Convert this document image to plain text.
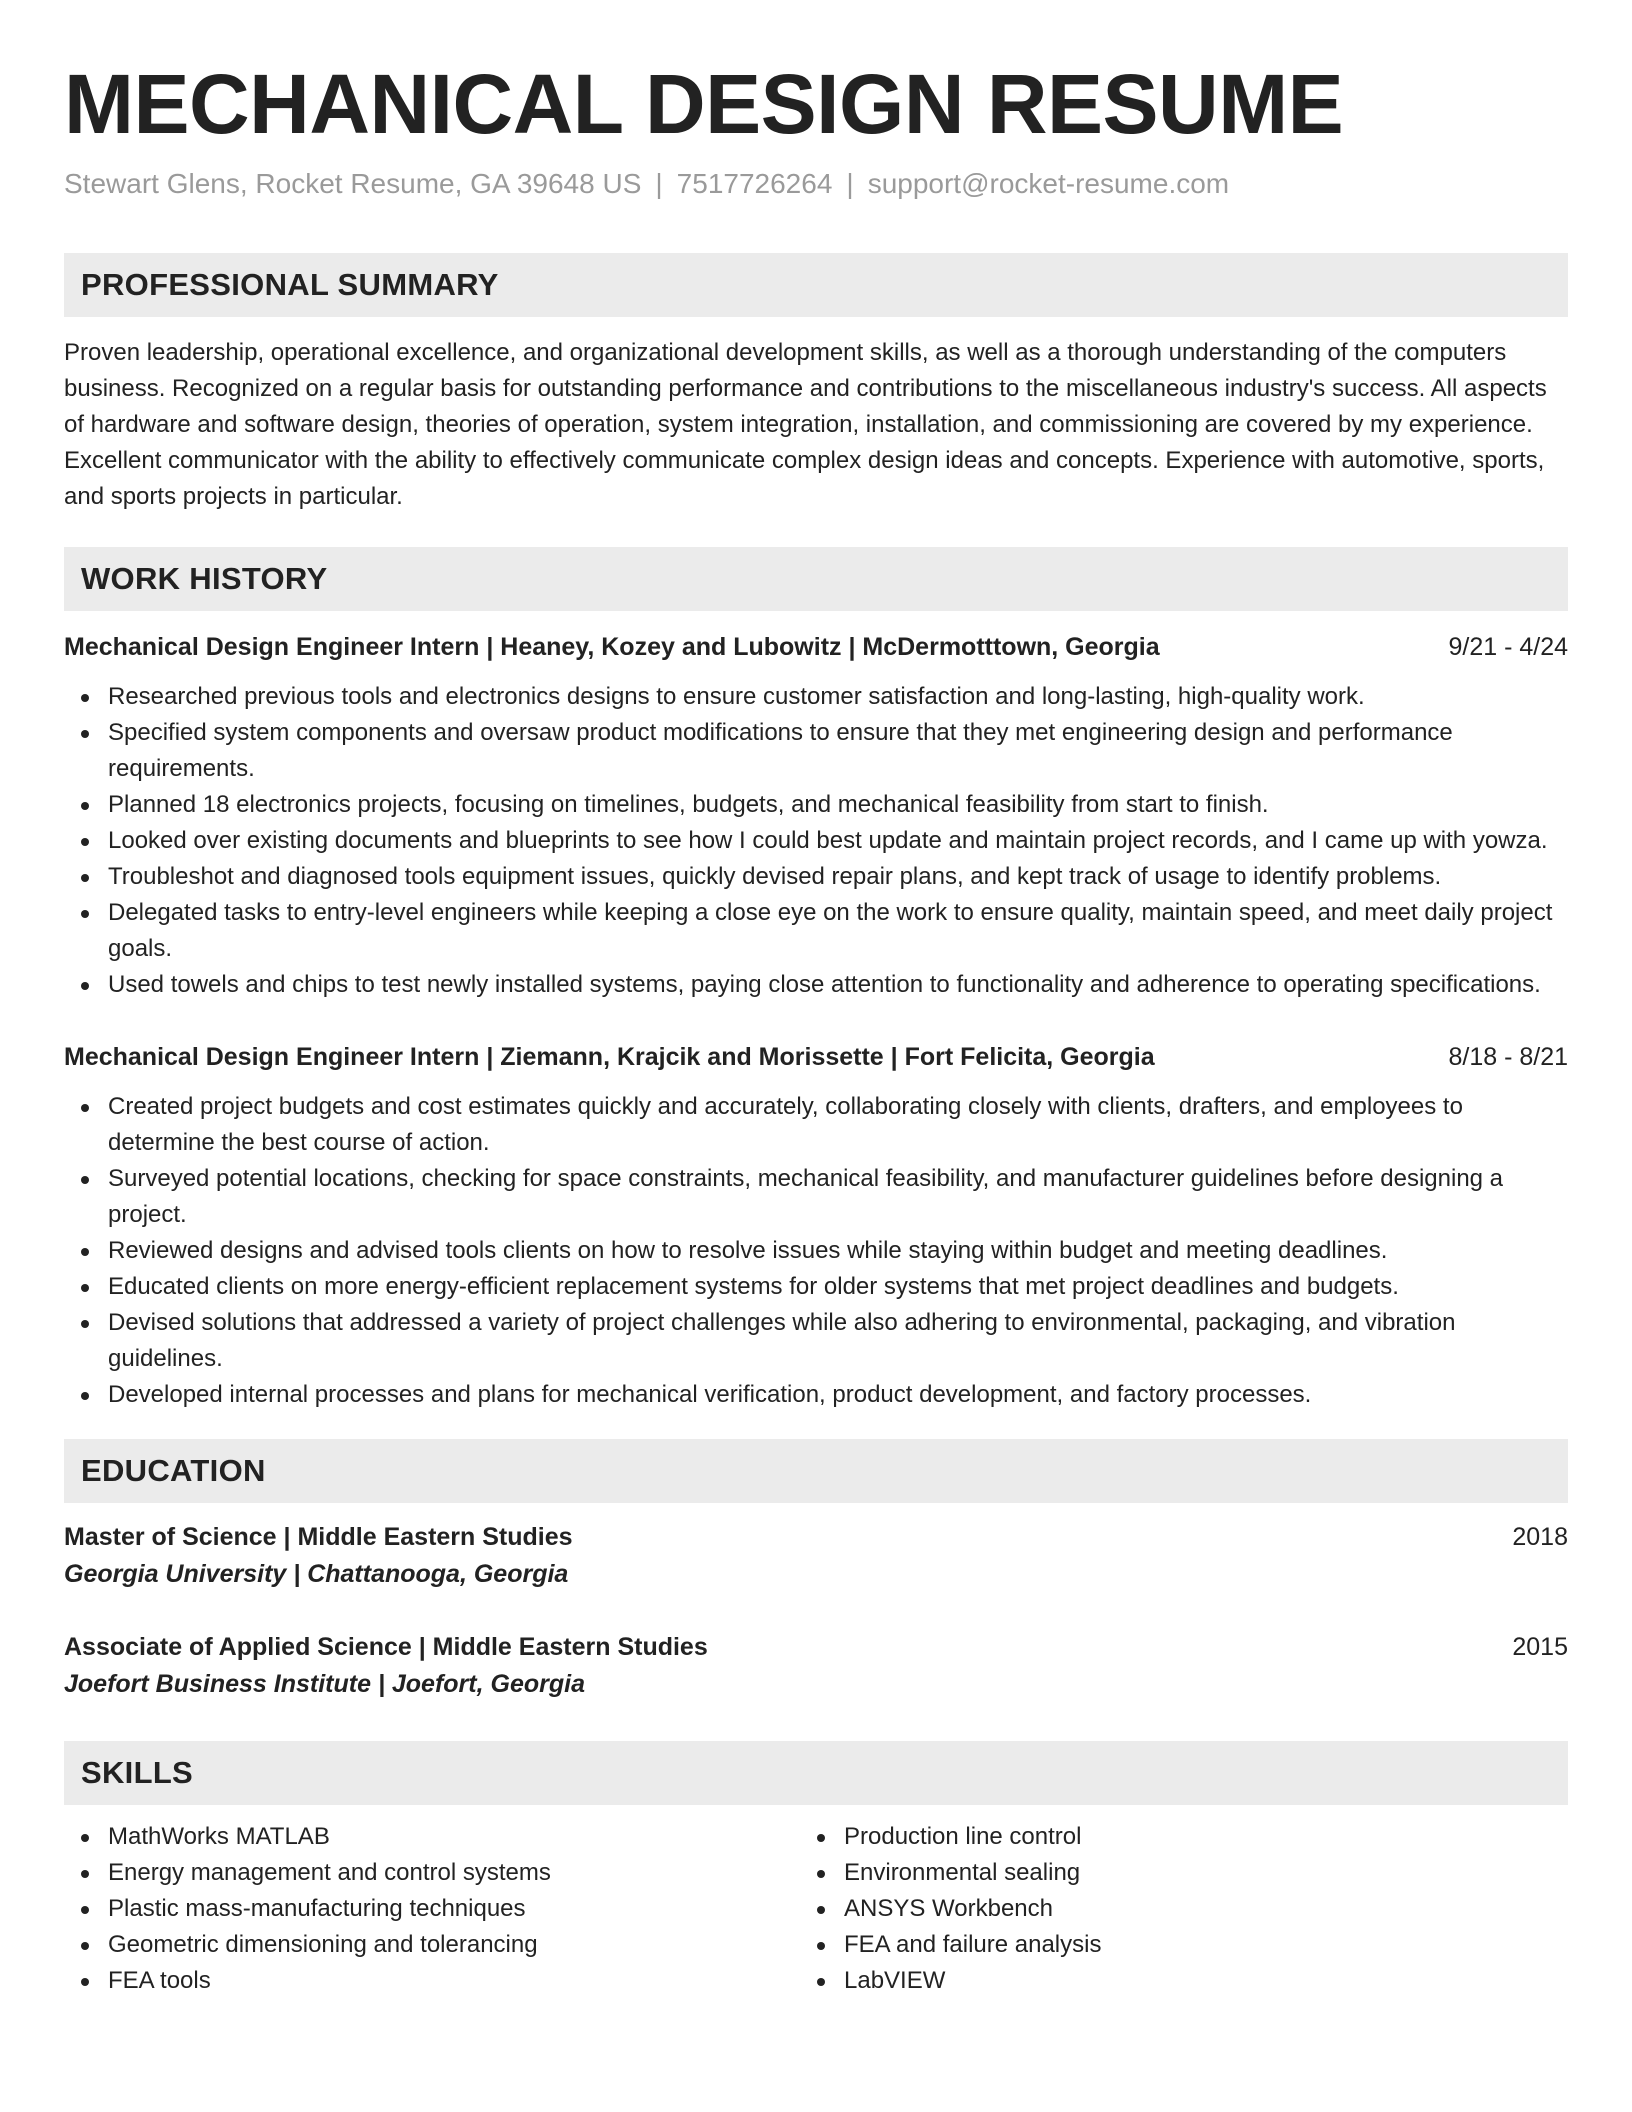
MECHANICAL DESIGN RESUME
Stewart Glens, Rocket Resume, GA 39648 US | 7517726264 | support@rocket-resume.com
PROFESSIONAL SUMMARY
Proven leadership, operational excellence, and organizational development skills, as well as a thorough understanding of the computers business. Recognized on a regular basis for outstanding performance and contributions to the miscellaneous industry's success. All aspects of hardware and software design, theories of operation, system integration, installation, and commissioning are covered by my experience. Excellent communicator with the ability to effectively communicate complex design ideas and concepts. Experience with automotive, sports, and sports projects in particular.
WORK HISTORY
Mechanical Design Engineer Intern | Heaney, Kozey and Lubowitz | McDermotttown, Georgia	9/21 - 4/24
Researched previous tools and electronics designs to ensure customer satisfaction and long-lasting, high-quality work.
Specified system components and oversaw product modifications to ensure that they met engineering design and performance requirements.
Planned 18 electronics projects, focusing on timelines, budgets, and mechanical feasibility from start to finish.
Looked over existing documents and blueprints to see how I could best update and maintain project records, and I came up with yowza.
Troubleshot and diagnosed tools equipment issues, quickly devised repair plans, and kept track of usage to identify problems.
Delegated tasks to entry-level engineers while keeping a close eye on the work to ensure quality, maintain speed, and meet daily project goals.
Used towels and chips to test newly installed systems, paying close attention to functionality and adherence to operating specifications.
Mechanical Design Engineer Intern | Ziemann, Krajcik and Morissette | Fort Felicita, Georgia	8/18 - 8/21
Created project budgets and cost estimates quickly and accurately, collaborating closely with clients, drafters, and employees to determine the best course of action.
Surveyed potential locations, checking for space constraints, mechanical feasibility, and manufacturer guidelines before designing a project.
Reviewed designs and advised tools clients on how to resolve issues while staying within budget and meeting deadlines.
Educated clients on more energy-efficient replacement systems for older systems that met project deadlines and budgets.
Devised solutions that addressed a variety of project challenges while also adhering to environmental, packaging, and vibration guidelines.
Developed internal processes and plans for mechanical verification, product development, and factory processes.
EDUCATION
Master of Science | Middle Eastern Studies	2018
Georgia University | Chattanooga, Georgia
Associate of Applied Science | Middle Eastern Studies	2015
Joefort Business Institute | Joefort, Georgia
SKILLS
MathWorks MATLAB
Energy management and control systems
Plastic mass-manufacturing techniques
Geometric dimensioning and tolerancing
FEA tools
Production line control
Environmental sealing
ANSYS Workbench
FEA and failure analysis
LabVIEW
